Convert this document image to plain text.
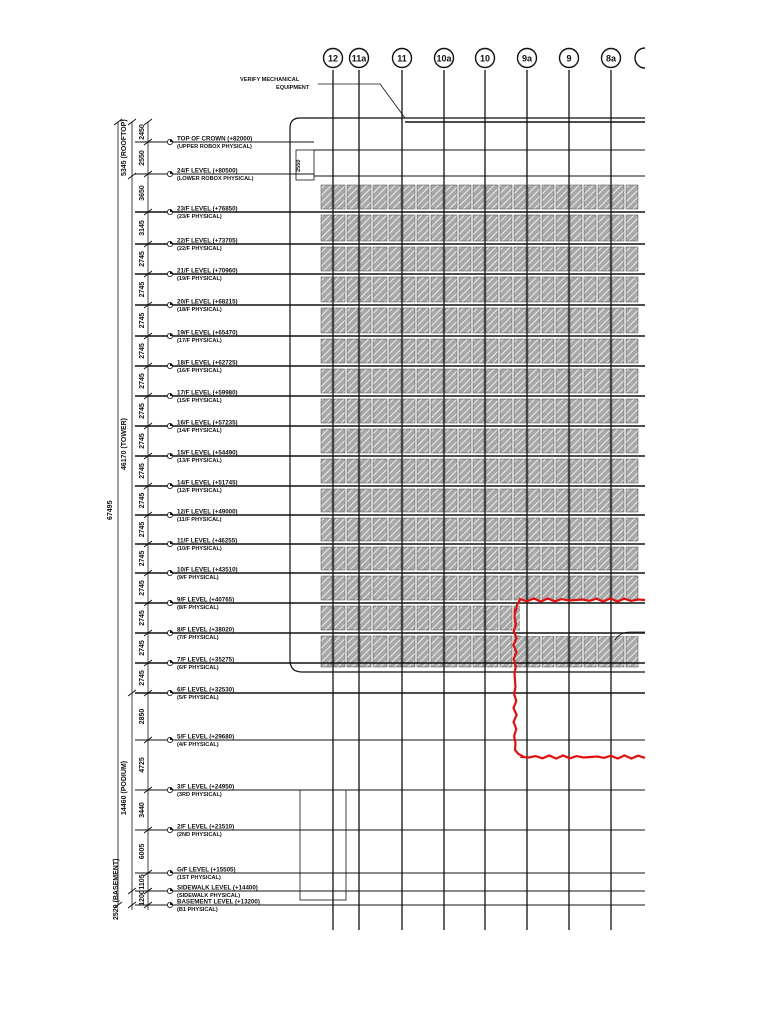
12 11a	11	10a	10	9a	9	8a
TOP OF CROWN (+82000)
(UPPER ROBOX PHYSICAL)
24/F LEVEL (+80500)
(LOWER ROBOX PHYSICAL)
23/F LEVEL (+76850)
(23/F PHYSICAL)
22/F LEVEL (+73705)
(22/F PHYSICAL)
21/F LEVEL (+70960)
(19/F PHYSICAL)
20/F LEVEL (+68215)
(18/F PHYSICAL)
19/F LEVEL (+65470)
(17/F PHYSICAL)
18/F LEVEL (+62725)
(16/F PHYSICAL)
17/F LEVEL (+59980)
(15/F PHYSICAL)
16/F LEVEL (+57235)
(14/F PHYSICAL)
15/F LEVEL (+54490)
(13/F PHYSICAL)
14/F LEVEL (+51745)
(12/F PHYSICAL)
12/F LEVEL (+49000)
(11/F PHYSICAL)
11/F LEVEL (+46255)
(10/F PHYSICAL)
10/F LEVEL (+43510)
(9/F PHYSICAL)
9/F LEVEL (+40765)
(8/F PHYSICAL)
8/F LEVEL (+38020)
(7/F PHYSICAL)
7/F LEVEL (+35275)
(6/F PHYSICAL)
6/F LEVEL (+32530)
(5/F PHYSICAL)
5/F LEVEL (+29680)
(4/F PHYSICAL)
3/F LEVEL (+24950)
(3RD PHYSICAL)
2/F LEVEL (+21510)
(2ND PHYSICAL)
G/F LEVEL (+15505)
(1ST PHYSICAL)
SIDEWALK LEVEL (+14400)
(SIDEWALK PHYSICAL)
BASEMENT LEVEL (+13200)
(B1 PHYSICAL)
2450
2550
3650
3145
2745
2745
2745
2745
2745
2745
2745
2745
2745
2745
2745
2745
2745
2745
2745
2850
4725
3440
6005
1105
1200
VERIFY MECHANICAL
EQUIPMENT
2550
5345 (ROOFTOP)
46170 (TOWER)
14460 (PODIUM)
2520 (BASEMENT)
67495
